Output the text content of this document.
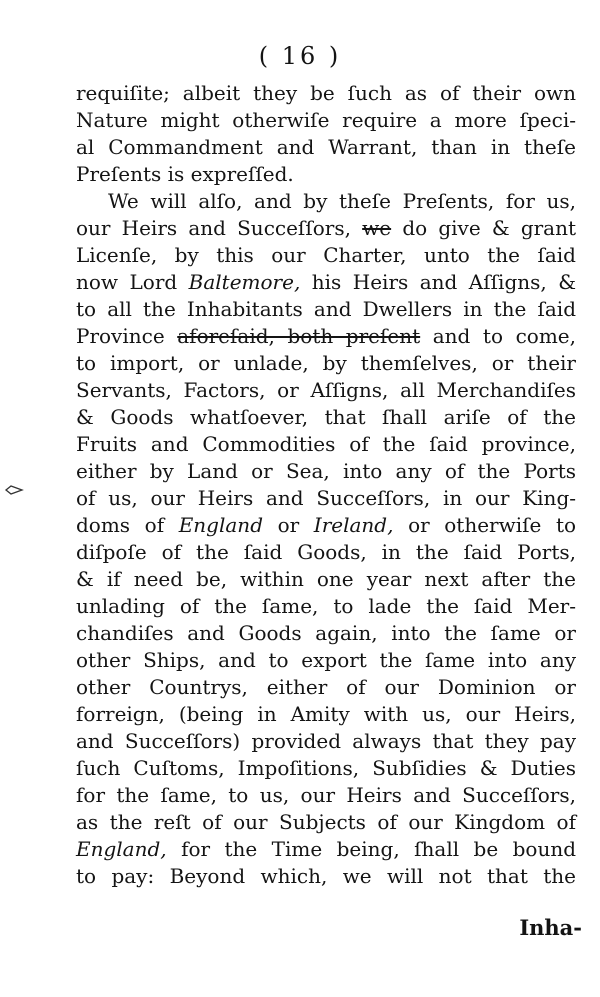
( 16 )
requiſite; albeit they be ſuch as of their own
Nature might otherwiſe require a more ſpeci-
al Commandment and Warrant, than in theſe
Preſents is expreſſed.
We will alſo, and by theſe Preſents, for us,
our Heirs and Succeſſors, we do give & grant
Licenſe, by this our Charter, unto the ſaid
now Lord Baltemore, his Heirs and Aſſigns, &
to all the Inhabitants and Dwellers in the ſaid
Province aforeſaid, both preſent and to come,
to import, or unlade, by themſelves, or their
Servants, Factors, or Aſſigns, all Merchandiſes
& Goods whatſoever, that ſhall ariſe of the
Fruits and Commodities of the ſaid province,
either by Land or Sea, into any of the Ports
of us, our Heirs and Succeſſors, in our King-
doms of England or Ireland, or otherwiſe to
diſpoſe of the ſaid Goods, in the ſaid Ports,
& if need be, within one year next after the
unlading of the ſame, to lade the ſaid Mer-
chandiſes and Goods again, into the ſame or
other Ships, and to export the ſame into any
other Countrys, either of our Dominion or
forreign, (being in Amity with us, our Heirs,
and Succeſſors) provided always that they pay
ſuch Cuſtoms, Impoſitions, Subſidies & Duties
for the ſame, to us, our Heirs and Succeſſors,
as the reſt of our Subjects of our Kingdom of
England, for the Time being, ſhall be bound
to pay: Beyond which, we will not that the
Inha-
